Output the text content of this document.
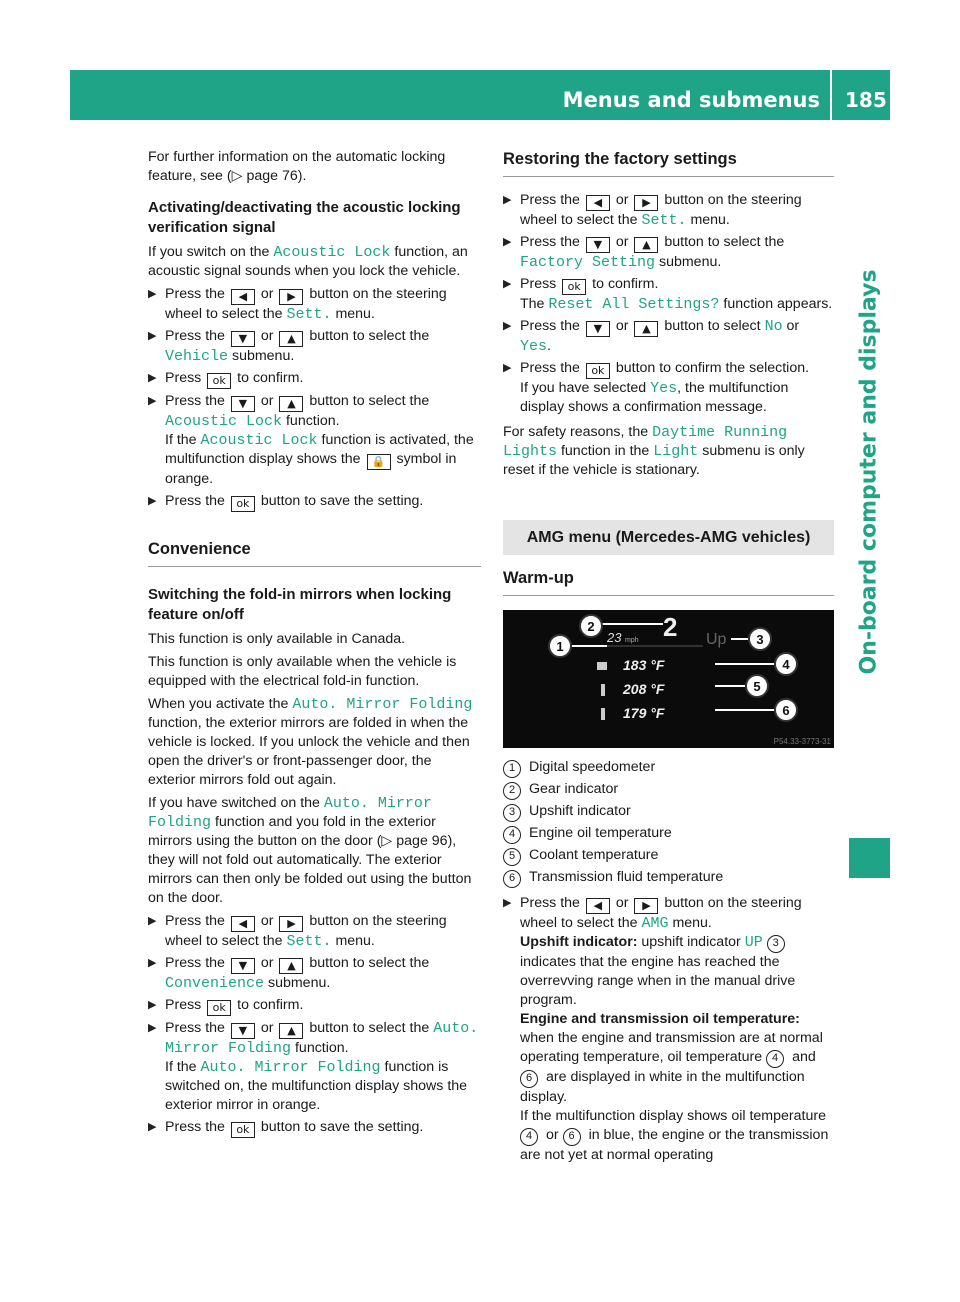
Menus and submenus 185
On-board computer and displays

For further information on the automatic locking feature, see (▷ page 76).

Activating/deactivating the acoustic locking verification signal

If you switch on the Acoustic Lock function, an acoustic signal sounds when you lock the vehicle.

▶ Press the ◀ or ▶ button on the steering wheel to select the Sett. menu.
▶ Press the ▼ or ▲ button to select the Vehicle submenu.
▶ Press ok to confirm.
▶ Press the ▼ or ▲ button to select the Acoustic Lock function.
If the Acoustic Lock function is activated, the multifunction display shows the 🔒 symbol in orange.
▶ Press the ok button to save the setting.
Convenience
Switching the fold-in mirrors when locking feature on/off

This function is only available in Canada.

This function is only available when the vehicle is equipped with the electrical fold-in function.

When you activate the Auto. Mirror Folding function, the exterior mirrors are folded in when the vehicle is locked. If you unlock the vehicle and then open the driver's or front-passenger door, the exterior mirrors fold out again.

If you have switched on the Auto. Mirror Folding function and you fold in the exterior mirrors using the button on the door (▷ page 96), they will not fold out automatically. The exterior mirrors can then only be folded out using the button on the door.

▶ Press the ◀ or ▶ button on the steering wheel to select the Sett. menu.
▶ Press the ▼ or ▲ button to select the Convenience submenu.
▶ Press ok to confirm.
▶ Press the ▼ or ▲ button to select the Auto. Mirror Folding function.
If the Auto. Mirror Folding function is switched on, the multifunction display shows the exterior mirror in orange.
▶ Press the ok button to save the setting.
Restoring the factory settings
▶ Press the ◀ or ▶ button on the steering wheel to select the Sett. menu.
▶ Press the ▼ or ▲ button to select the Factory Setting submenu.
▶ Press ok to confirm.
The Reset All Settings? function appears.
▶ Press the ▼ or ▲ button to select No or Yes.
▶ Press the ok button to confirm the selection.
If you have selected Yes, the multifunction display shows a confirmation message.

For safety reasons, the Daytime Running Lights function in the Light submenu is only reset if the vehicle is stationary.

AMG menu (Mercedes-AMG vehicles)
Warm-up
23 mph 2 Up
183 °F
208 °F
179 °F
1
2
3
4
5
6
P54.33-3773-31
1 Digital speedometer
2 Gear indicator
3 Upshift indicator
4 Engine oil temperature
5 Coolant temperature
6 Transmission fluid temperature
▶ Press the ◀ or ▶ button on the steering wheel to select the AMG menu.
Upshift indicator: upshift indicator UP 3indicates that the engine has reached the overrevving range when in the manual drive program.
Engine and transmission oil temperature: when the engine and transmission are at normal operating temperature, oil temperature 4 and 6 are displayed in white in the multifunction display.
If the multifunction display shows oil temperature 4 or 6 in blue, the engine or the transmission are not yet at normal operating
